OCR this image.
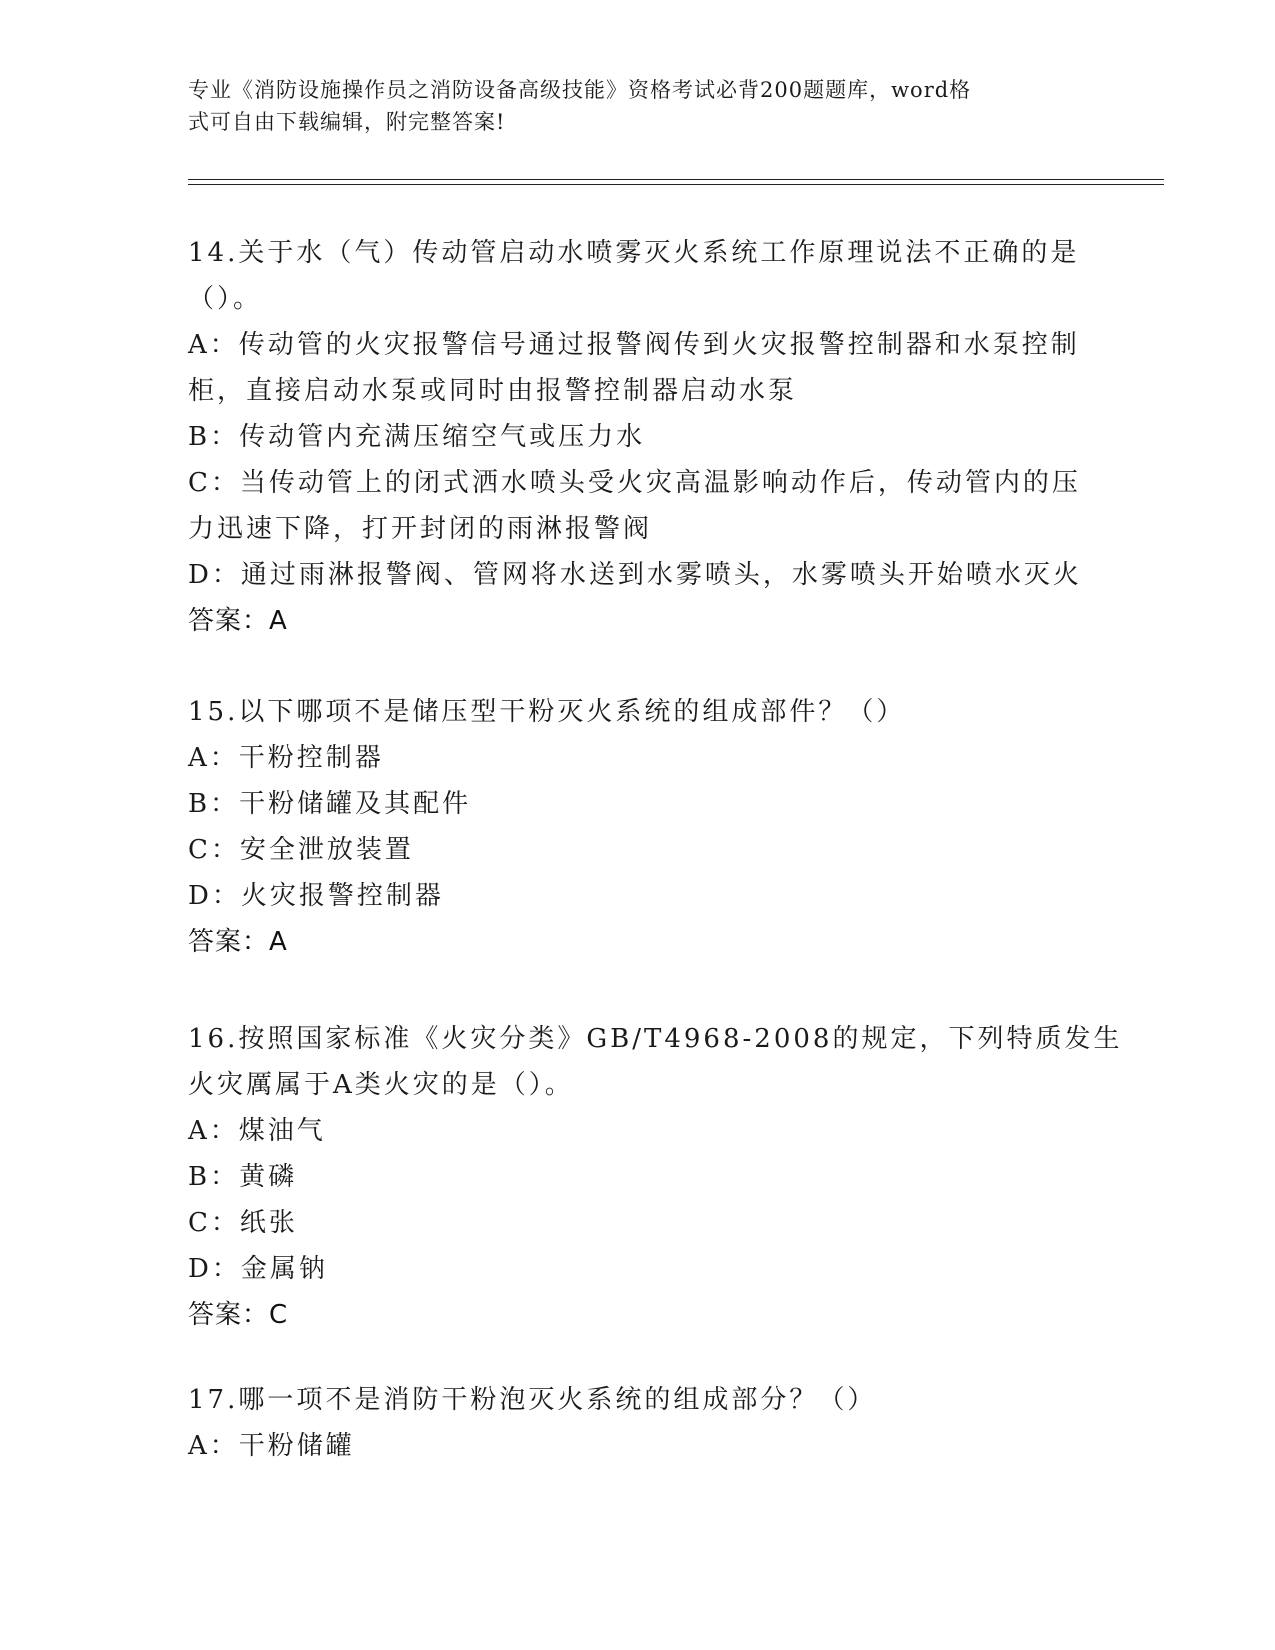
专业《消防设施操作员之消防设备高级技能》资格考试必背200题题库，word格
式可自由下载编辑，附完整答案!
14.关于水（气）传动管启动水喷雾灭火系统工作原理说法不正确的是
（）。
A：传动管的火灾报警信号通过报警阀传到火灾报警控制器和水泵控制
柜，直接启动水泵或同时由报警控制器启动水泵
B：传动管内充满压缩空气或压力水
C：当传动管上的闭式洒水喷头受火灾高温影响动作后，传动管内的压
力迅速下降，打开封闭的雨淋报警阀
D：通过雨淋报警阀、管网将水送到水雾喷头，水雾喷头开始喷水灭火
答案：A
15.以下哪项不是储压型干粉灭火系统的组成部件？（）
A：干粉控制器
B：干粉储罐及其配件
C：安全泄放装置
D：火灾报警控制器
答案：A
16.按照国家标准《火灾分类》GB/T4968-2008的规定，下列特质发生
火灾厲属于A类火灾的是（）。
A：煤油气
B：黄磷
C：纸张
D：金属钠
答案：C
17.哪一项不是消防干粉泡灭火系统的组成部分？（）
A：干粉储罐
